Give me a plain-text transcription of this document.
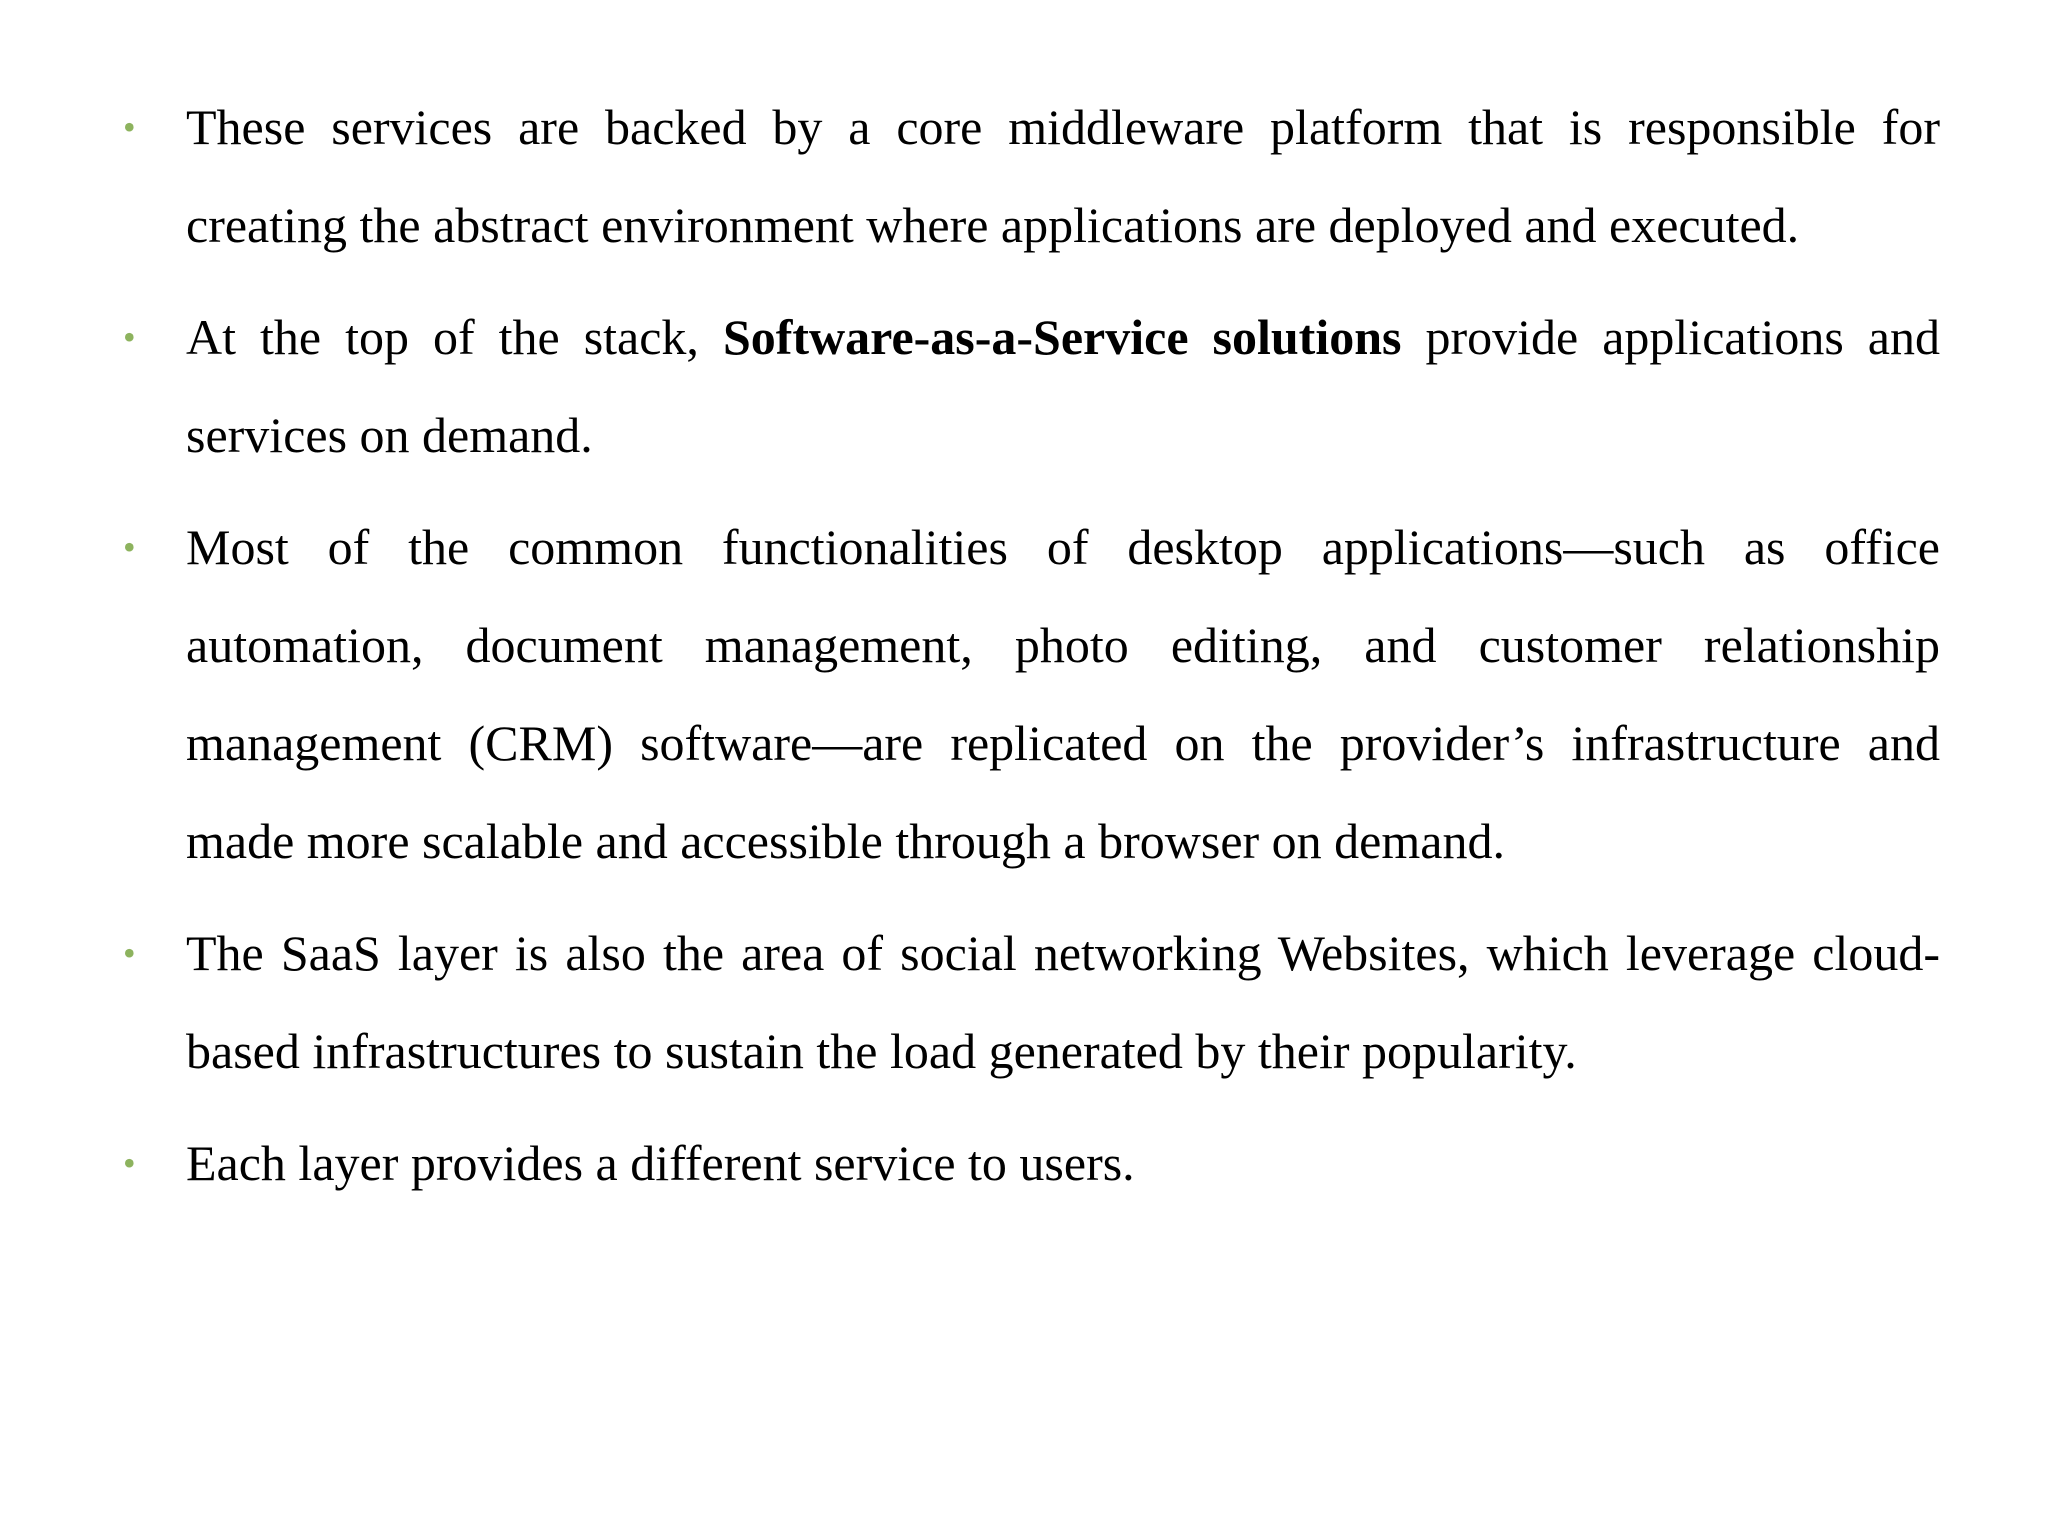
• These services are backed by a core middleware platform that is responsible for creating the abstract environment where applications are deployed and executed.
• At the top of the stack, Software-as-a-Service solutions provide applications and services on demand.
• Most of the common functionalities of desktop applications—such as office automation, document management, photo editing, and customer relationship management (CRM) software—are replicated on the provider’s infrastructure and made more scalable and accessible through a browser on demand.
• The SaaS layer is also the area of social networking Websites, which leverage cloud-based infrastructures to sustain the load generated by their popularity.
• Each layer provides a different service to users.
